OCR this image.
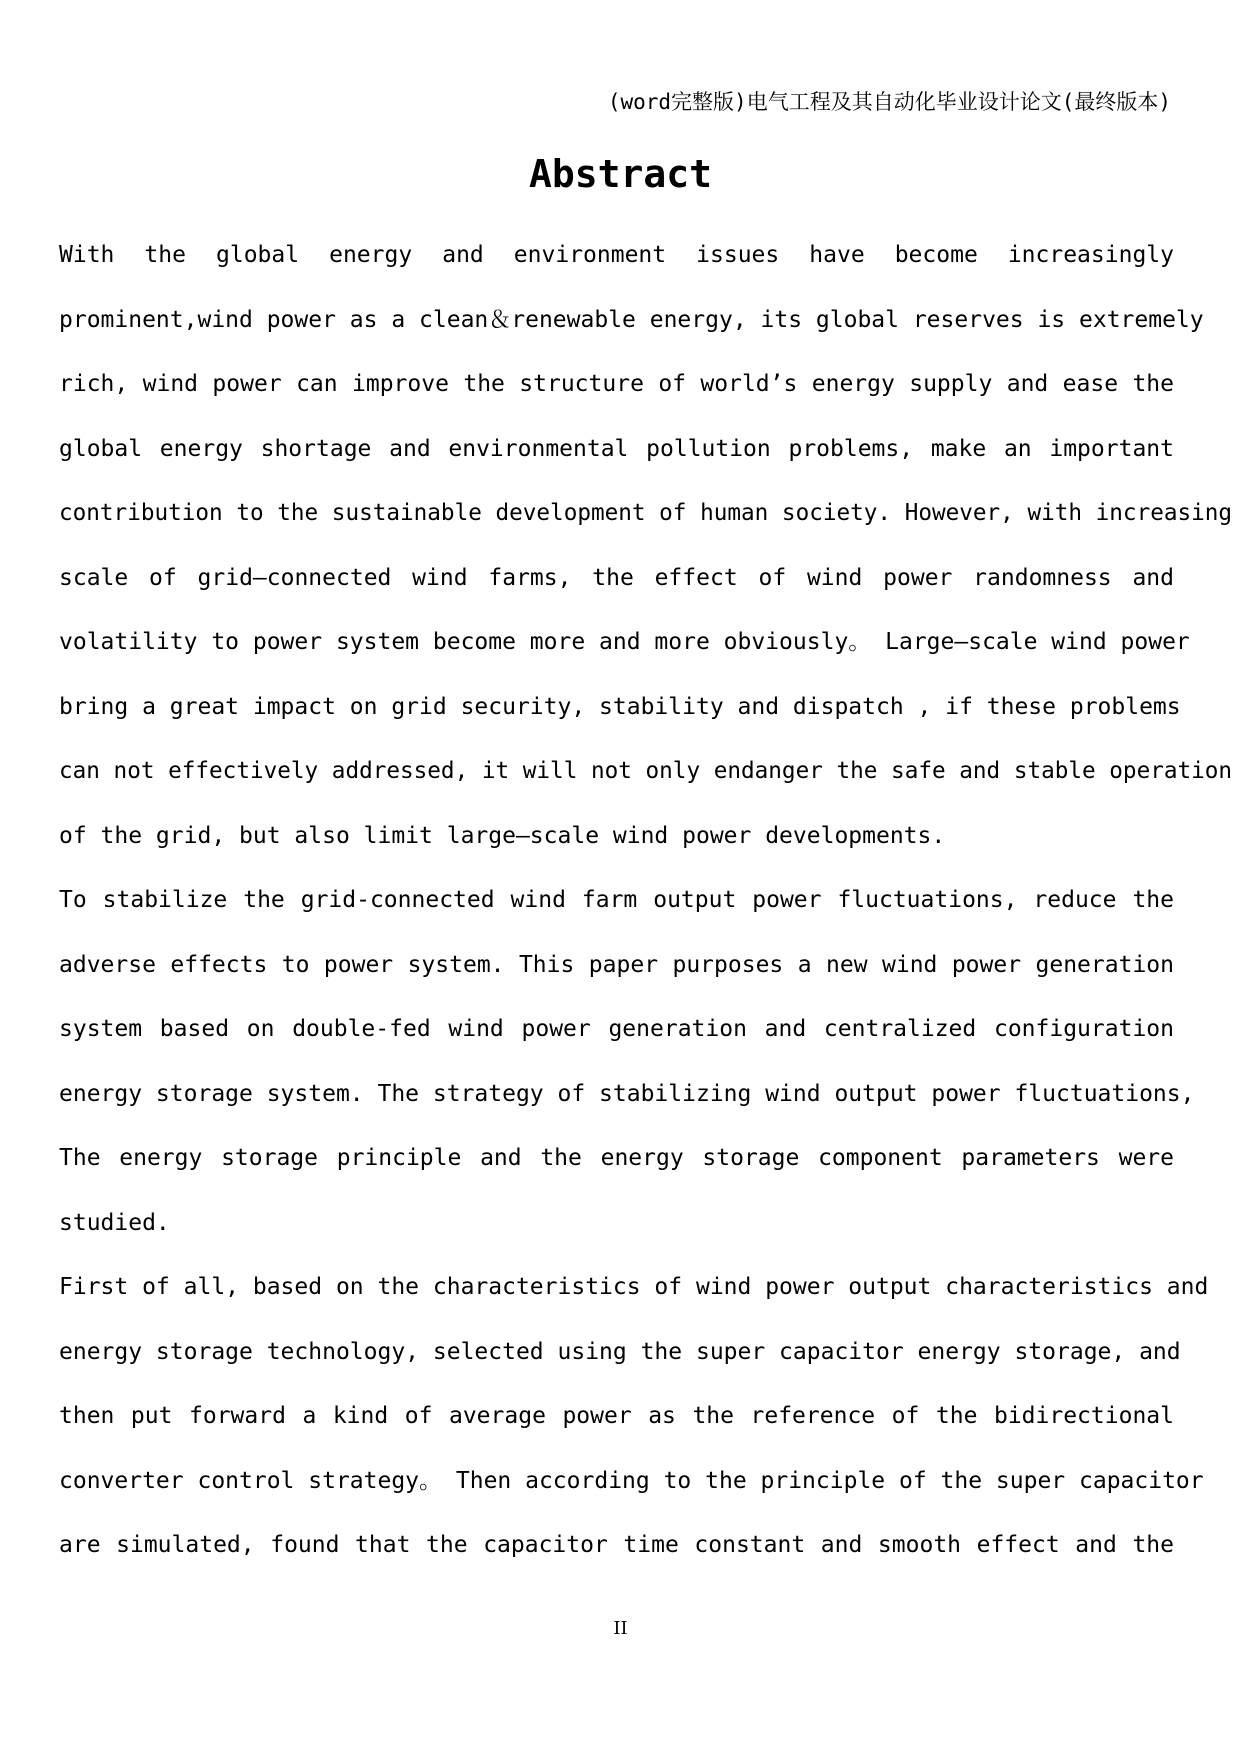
(word完整版)电气工程及其自动化毕业设计论文(最终版本)
Abstract
With the global energy and environment issues have become increasingly
prominent,wind power as a clean＆renewable energy, its global reserves is extremely
rich, wind power can improve the structure of world’s energy supply and ease the
global energy shortage and environmental pollution problems, make an important
contribution to the sustainable development of human society. However, with increasing
scale of grid—connected wind farms, the effect of wind power randomness and
volatility to power system become more and more obviously。 Large—scale wind power
bring a great impact on grid security, stability and dispatch , if these problems
can not effectively addressed, it will not only endanger the safe and stable operation
of the grid, but also limit large—scale wind power developments.
To stabilize the grid-connected wind farm output power fluctuations, reduce the
adverse effects to power system. This paper purposes a new wind power generation
system based on double-fed wind power generation and centralized configuration
energy storage system. The strategy of stabilizing wind output power fluctuations,
The energy storage principle and the energy storage component parameters were
studied.
First of all, based on the characteristics of wind power output characteristics and
energy storage technology, selected using the super capacitor energy storage, and
then put forward a kind of average power as the reference of the bidirectional
converter control strategy。 Then according to the principle of the super capacitor
are simulated, found that the capacitor time constant and smooth effect and the
II
